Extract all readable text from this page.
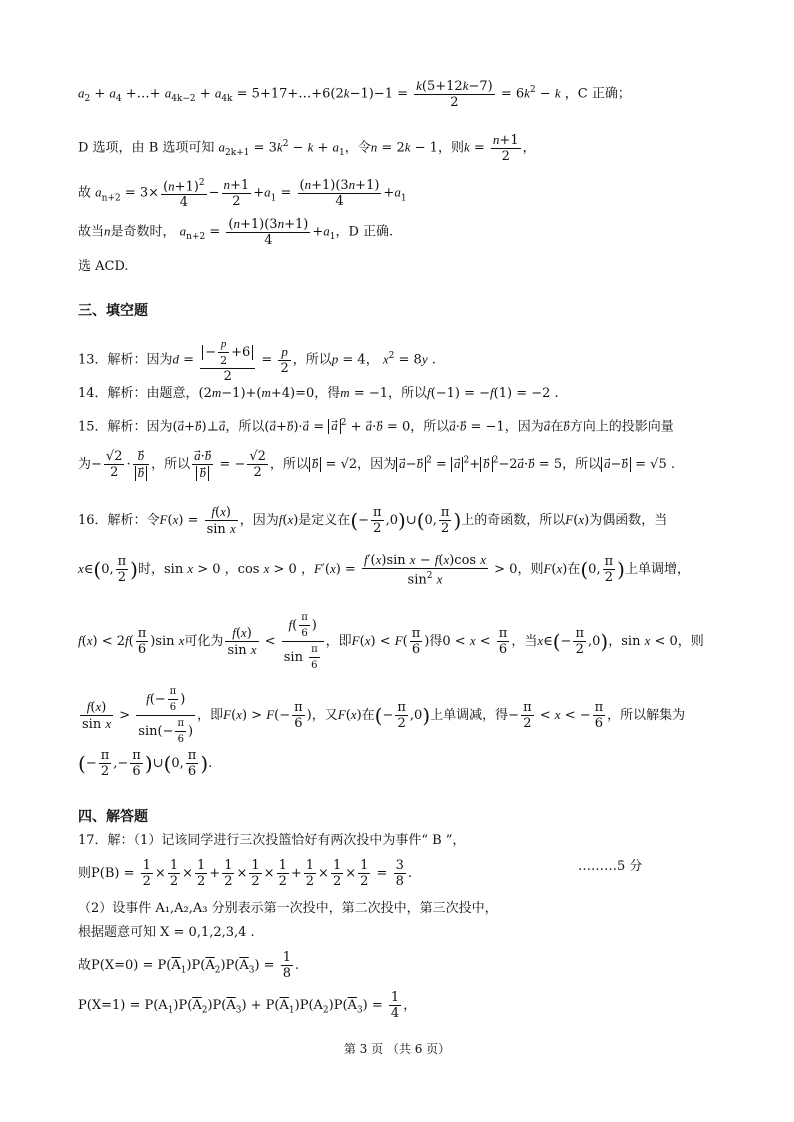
$a_2 + a_4$ +…+ $a_{4k-2} + a_{4k}$ = 5+17+…+6(2k−1)−1 = $\frac{k(5+12k-7)}{2} = 6k^2 - k$ ，C 正确；
D 选项，由 B 选项可知 $a_{2k+1} = 3k^2 - k + a_1$，令n = 2k − 1，则$k = \frac{n+1}{2}$ ，
故 $a_{n+2} = 3\times \frac{(n+1)^2}{4} - \frac{n+1}{2} +a_1 = \frac{(n+1)(3n+1)}{4} +a_1$
故当n是奇数时， $a_{n+2} = \frac{(n+1)(3n+1)}{4} +a_1$，D 正确.
选 ACD.
三、填空题
13．解析：因为$d = \frac{- \frac{p}{2} +6}{2} = \frac{p}{2}$ ，所以p = 4， $x^2 = 8y$ .
14．解析：由题意，(2m−1)+(m+4)=0，得m = −1，所以f(−1) = −f(1) = −2 .
15．解析：因为(a⃗+b⃗)⊥a，所以(a⃗+b⃗)·a⃗ = a $^2$ + a⃗·b⃗ = 0，所以a⃗·b⃗ = −1，因为a在b方向上的投影向量
为− $\frac{√2}{2} \cdot \frac{b}{b}$ ，所以 $\frac{a⃗\cdot b}{b}$ = − $\frac{√2}{2}$ ，所以 b = √2，因为 a⃗−b $^2$ = a $^2$+ b $^2$−2a⃗·b⃗ = 5，所以 a⃗−b = √5 .
16．解析：令$F(x) = \frac{f(x)}{\text{sin x}}$ ，因为f(x)是定义在(− $\frac{\pi}{2}$ ,0)∪(0, $\frac{\pi}{2}$ )上的奇函数，所以F(x)为偶函数，当
x∈(0, $\frac{\pi}{2}$ )时，sin x > 0 ，cos x > 0 ，$F'(x) = \frac{\text{f′(x)sin x − f(x)cos x}}{\sin^2 x} > 0$，则F(x)在(0, $\frac{\pi}{2}$ )上单调增，
$f(x) < 2f( \frac{\pi}{6} )\sin$ x可化为 $\frac{f(x)}{\text{sin x}} < \frac{f( \frac{\pi}{6} )}{\sin \frac{\pi}{6}}$ ，即$F(x) < F( \frac{\pi}{6}$ )得$0 < x < \frac{\pi}{6}$ ，当x∈(− $\frac{\pi}{2} ,0$)，sin x < 0，则
$\frac{f(x)}{\text{sin x}} > \frac{f(- \frac{\pi}{6} )}{\sin(- \frac{\pi}{6} )}$ ，即$F(x) > F(- \frac{\pi}{6}$ )，又F(x)在(− $\frac{\pi}{2} ,0$)上单调减，得− $\frac{\pi}{2} < x$ < − $\frac{\pi}{6}$ ，所以解集为
(− $\frac{\pi}{2}$ ,− $\frac{\pi}{6}$ )∪(0, $\frac{\pi}{6}$ ).
四、解答题
17．解：（1）记该同学进行三次投篮恰好有两次投中为事件“ B ”，
则$P(B) = \frac{1}{2} \times \frac{1}{2} \times \frac{1}{2} + \frac{1}{2} \times \frac{1}{2} \times \frac{1}{2} + \frac{1}{2} \times \frac{1}{2} \times \frac{1}{2} = \frac{3}{8}$ .	………5 分
（2）设事件 A₁,A₂,A₃ 分别表示第一次投中，第二次投中，第三次投中，
根据题意可知 X = 0,1,2,3,4 .
故$P(X=0) = P(\overline{A}_1)P(\overline{A}_2)P(\overline{A}_3) = \frac{1}{8}$ .
$P(X=1) = P(A_1)P(\overline{A}_2)P(\overline{A}_3) + P(\overline{A}_1)P(A_2)P(\overline{A}_3) = \frac{1}{4}$ ，
第 3 页 （共 6 页）
